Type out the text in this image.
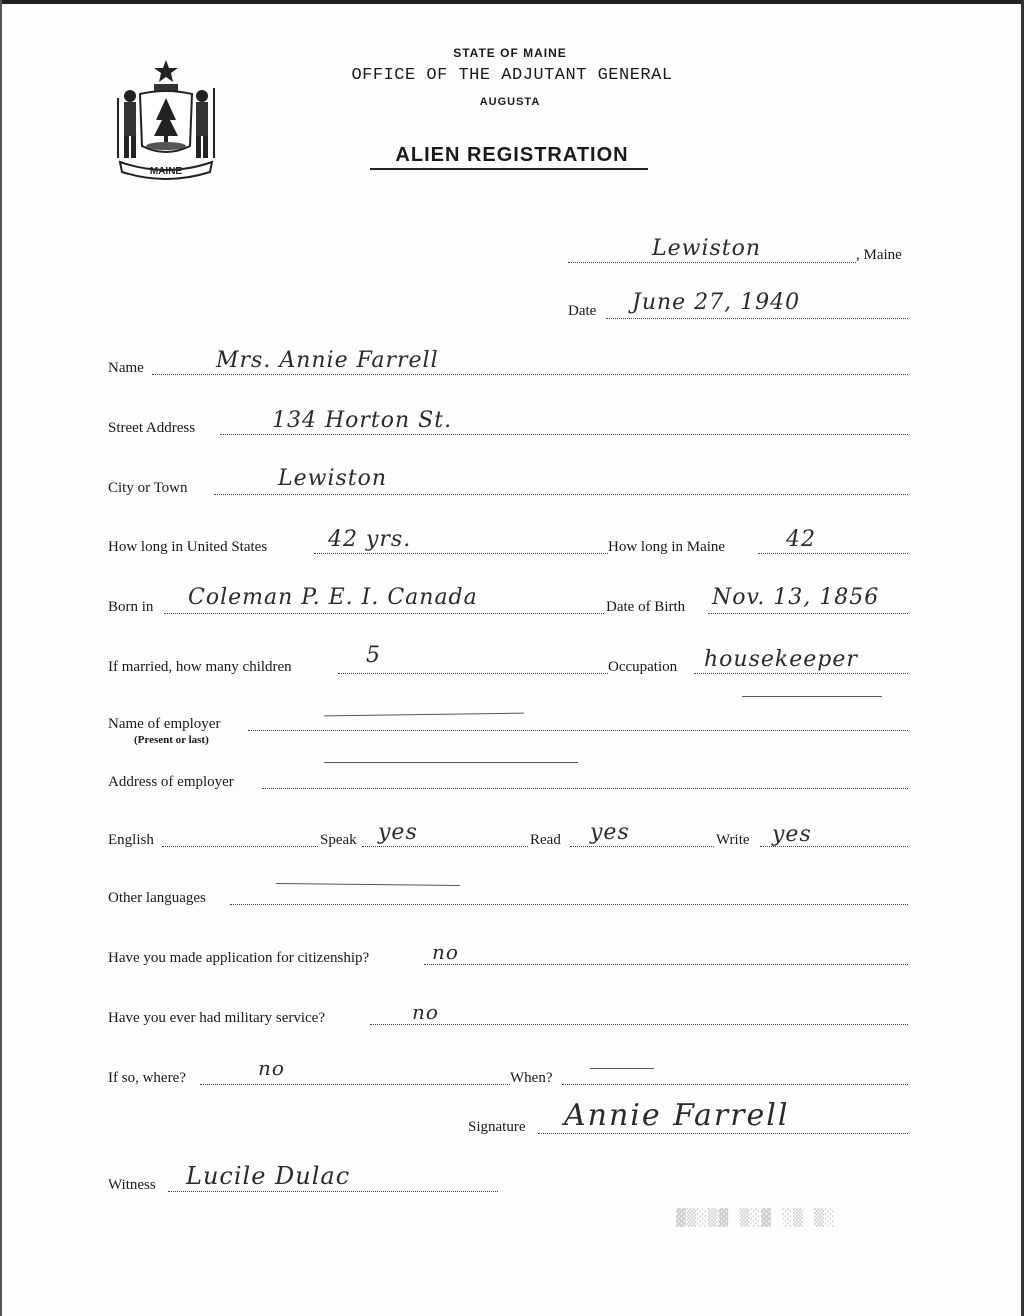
MAINE
STATE OF MAINE
OFFICE OF THE ADJUTANT GENERAL
AUGUSTA
ALIEN REGISTRATION
Lewiston	, Maine
Date June 27, 1940
Name	Mrs. Annie Farrell
Street Address	134 Horton St.
City or Town	Lewiston
How long in United States	42 yrs.	How long in Maine	42
Born in Coleman P. E. I. Canada	Date of Birth Nov. 13, 1856
If married, how many children	5	Occupation housekeeper
Name of employer
(Present or last)
Address of employer
English	Speak yes	Read yes	Write yes
Other languages
Have you made application for citizenship?	no
Have you ever had military service?	no
If so, where?	no	When?
Signature Annie Farrell
Witness Lucile Dulac
▓▒░▒▓ ▒░▓ ░▒ ▒░
